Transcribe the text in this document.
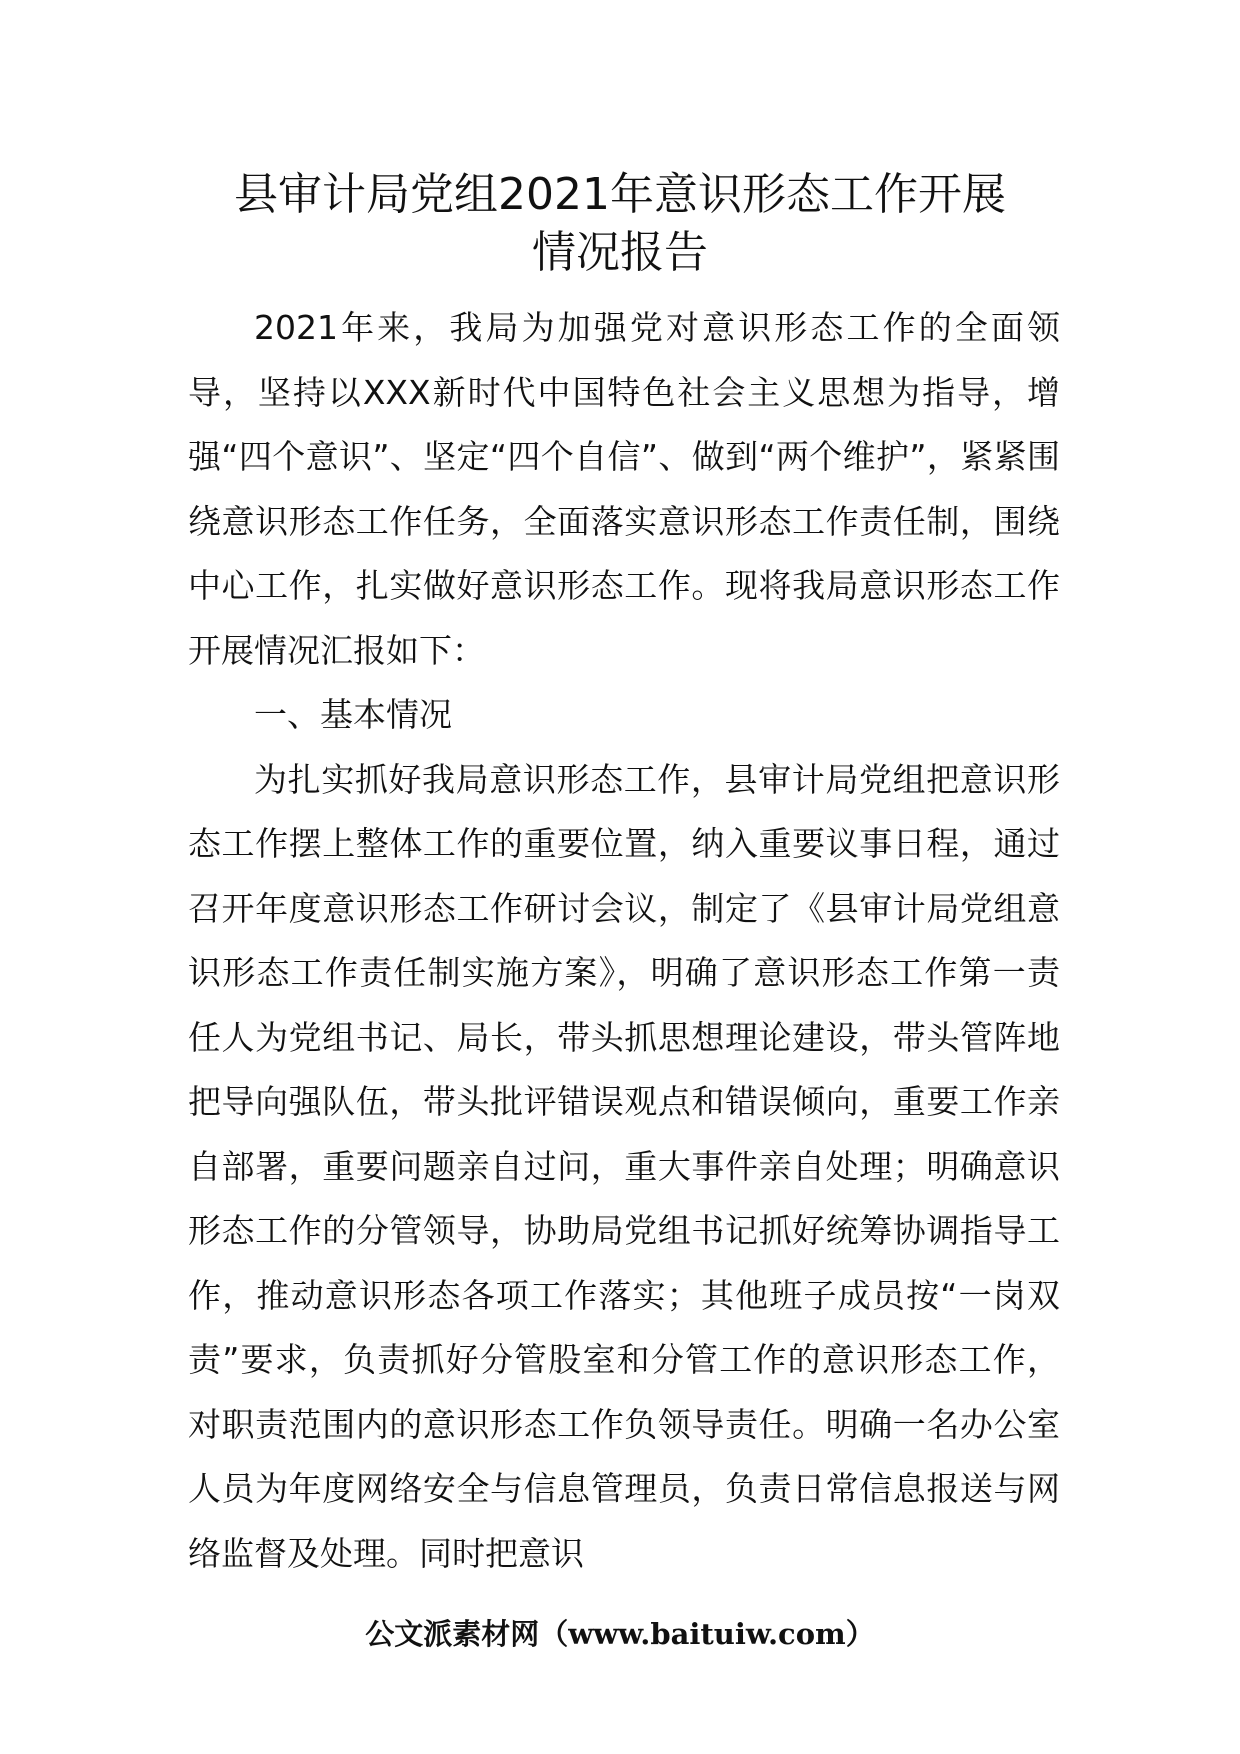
县审计局党组2021年意识形态工作开展
情况报告

2021年来，我局为加强党对意识形态工作的全面领导，坚持以XXX新时代中国特色社会主义思想为指导，增强“四个意识”、坚定“四个自信”、做到“两个维护”，紧紧围绕意识形态工作任务，全面落实意识形态工作责任制，围绕中心工作，扎实做好意识形态工作。现将我局意识形态工作开展情况汇报如下：

一、基本情况

为扎实抓好我局意识形态工作，县审计局党组把意识形态工作摆上整体工作的重要位置，纳入重要议事日程，通过召开年度意识形态工作研讨会议，制定了《县审计局党组意识形态工作责任制实施方案》，明确了意识形态工作第一责任人为党组书记、局长，带头抓思想理论建设，带头管阵地把导向强队伍，带头批评错误观点和错误倾向，重要工作亲自部署，重要问题亲自过问，重大事件亲自处理；明确意识形态工作的分管领导，协助局党组书记抓好统筹协调指导工作，推动意识形态各项工作落实；其他班子成员按“一岗双责”要求，负责抓好分管股室和分管工作的意识形态工作，对职责范围内的意识形态工作负领导责任。明确一名办公室人员为年度网络安全与信息管理员，负责日常信息报送与网络监督及处理。同时把意识

公文派素材网（www.baituiw.com）
